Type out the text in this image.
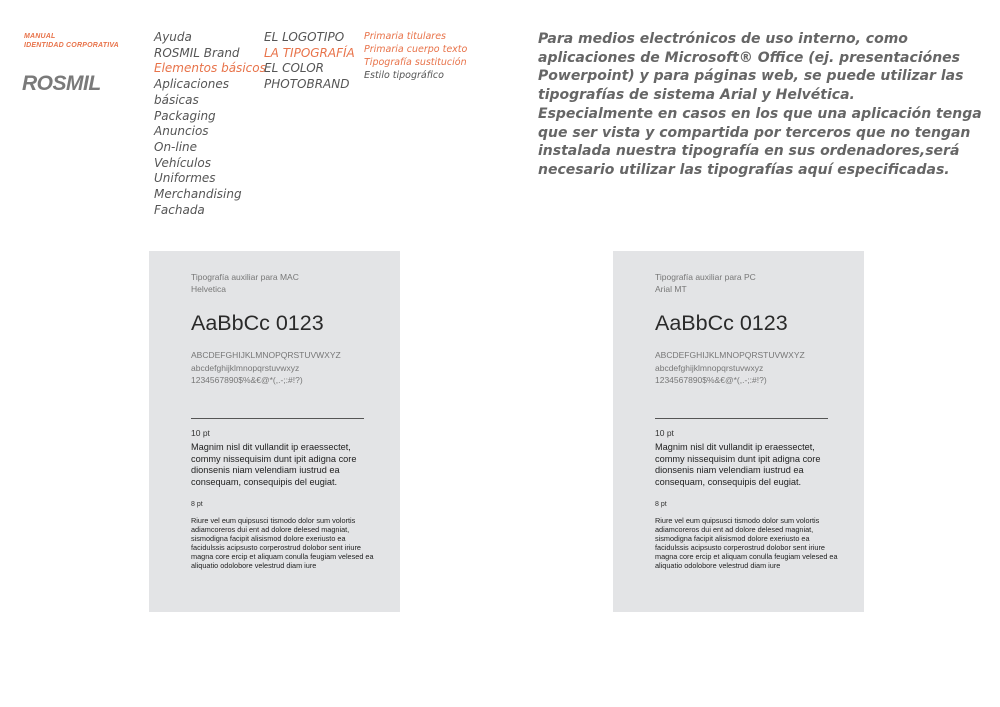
MANUAL
IDENTIDAD CORPORATIVA
ROSMIL
Ayuda
ROSMIL Brand
Elementos básicos
Aplicaciones
básicas
Packaging
Anuncios
On-line
Vehículos
Uniformes
Merchandising
Fachada
EL LOGOTIPO
LA TIPOGRAFÍA
EL COLOR
PHOTOBRAND
Primaria titulares
Primaria cuerpo texto
Tipografía sustitución
Estilo tipográfico

Para medios electrónicos de uso interno, como aplicaciones de Microsoft® Office (ej. presentaciónes Powerpoint) y para páginas web, se puede utilizar las tipografías de sistema Arial y Helvética.

Especialmente en casos en los que una aplicación tenga que ser vista y compartida por terceros que no tengan instalada nuestra tipografía en sus ordenadores,será necesario utilizar las tipografías aquí especificadas.

Tipografía auxiliar para MAC
Helvetica
AaBbCc 0123
ABCDEFGHIJKLMNOPQRSTUVWXYZ
abcdefghijklmnopqrstuvwxyz
1234567890$%&€@*(,.-;:#!?)
10 pt
Magnim nisl dit vullandit ip eraessectet, commy nissequisim dunt ipit adigna core dionsenis niam velendiam iustrud ea consequam, consequipis del eugiat.
8 pt
Riure vel eum quipsusci tismodo dolor sum volortis adiamcoreros dui ent ad dolore delesed magniat, sismodigna facipit alisismod dolore exeriusto ea facidulssis acipsusto corperostrud dolobor sent iriure magna core ercip et aliquam conulla feugiam velesed ea aliquatio odolobore velestrud diam iure
Tipografía auxiliar para PC
Arial MT
AaBbCc 0123
ABCDEFGHIJKLMNOPQRSTUVWXYZ
abcdefghijklmnopqrstuvwxyz
1234567890$%&€@*(,.-;:#!?)
10 pt
Magnim nisl dit vullandit ip eraessectet, commy nissequisim dunt ipit adigna core dionsenis niam velendiam iustrud ea consequam, consequipis del eugiat.
8 pt
Riure vel eum quipsusci tismodo dolor sum volortis adiamcoreros dui ent ad dolore delesed magniat, sismodigna facipit alisismod dolore exeriusto ea facidulssis acipsusto corperostrud dolobor sent iriure magna core ercip et aliquam conulla feugiam velesed ea aliquatio odolobore velestrud diam iure
